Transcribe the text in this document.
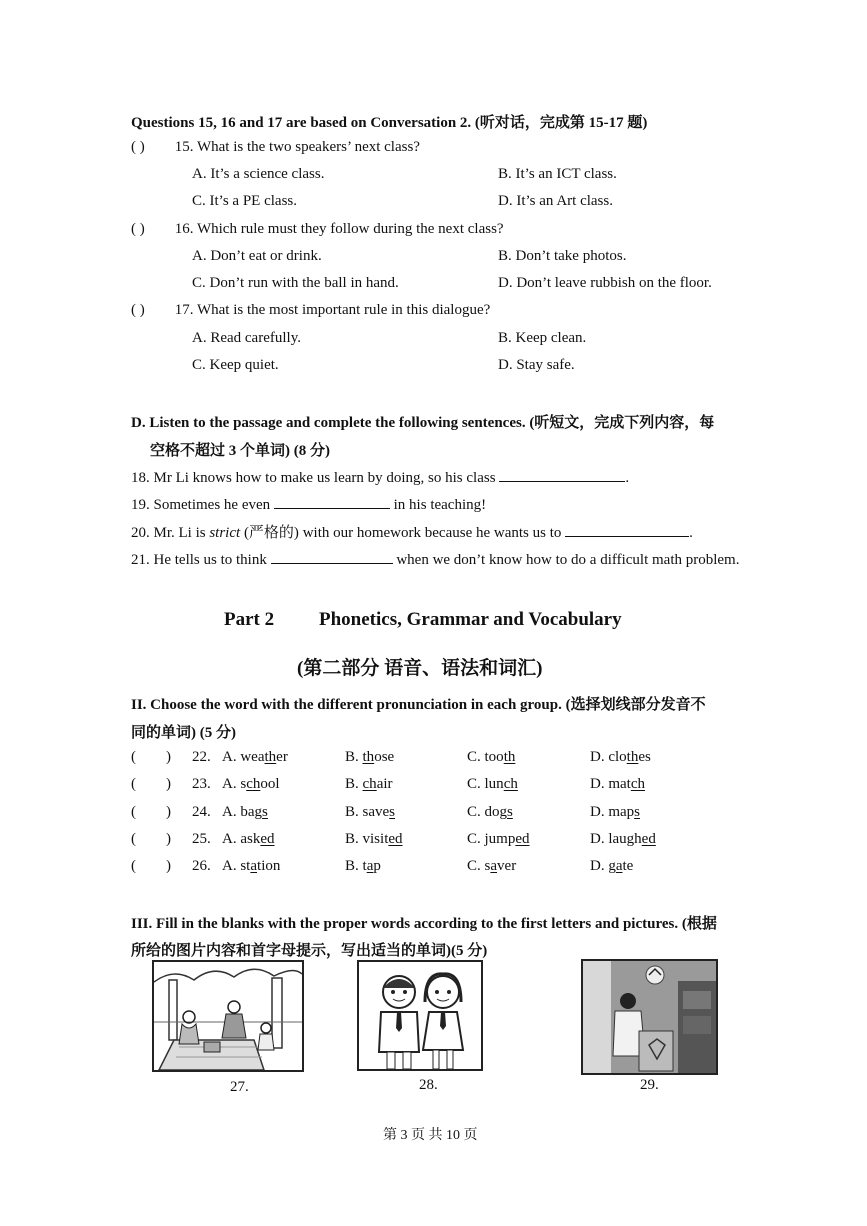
Questions 15, 16 and 17 are based on Conversation 2. (听对话，完成第 15-17 题)
( ) 15. What is the two speakers’ next class?
A. It’s a science class.	B. It’s an ICT class.
C. It’s a PE class.	D. It’s an Art class.
( ) 16. Which rule must they follow during the next class?
A. Don’t eat or drink.	B. Don’t take photos.
C. Don’t run with the ball in hand.	D. Don’t leave rubbish on the floor.
( ) 17. What is the most important rule in this dialogue?
A. Read carefully.	B. Keep clean.
C. Keep quiet.	D. Stay safe.
D. Listen to the passage and complete the following sentences. (听短文，完成下列内容，每
空格不超过 3 个单词) (8 分)
18. Mr Li knows how to make us learn by doing, so his class	.
19. Sometimes he even	in his teaching!
20. Mr. Li is strict (严格的) with our homework because he wants us to	.
21. He tells us to think	when we don’t know how to do a difficult math problem.
Part 2 Phonetics, Grammar and Vocabulary
(第二部分 语音、语法和词汇)
II. Choose the word with the different pronunciation in each group. (选择划线部分发音不
同的单词) (5 分)
( ) 22. A. weather	B. those	C. tooth	D. clothes
( ) 23. A. school	B. chair	C. lunch	D. match
( ) 24. A. bags	B. saves	C. dogs	D. maps
( ) 25. A. asked	B. visited	C. jumped	D. laughed
( ) 26. A. station	B. tap	C. saver	D. gate
III. Fill in the blanks with the proper words according to the first letters and pictures. (根据
所给的图片内容和首字母提示，写出适当的单词)(5 分)
27.	28.	29.
第 3 页 共 10 页
